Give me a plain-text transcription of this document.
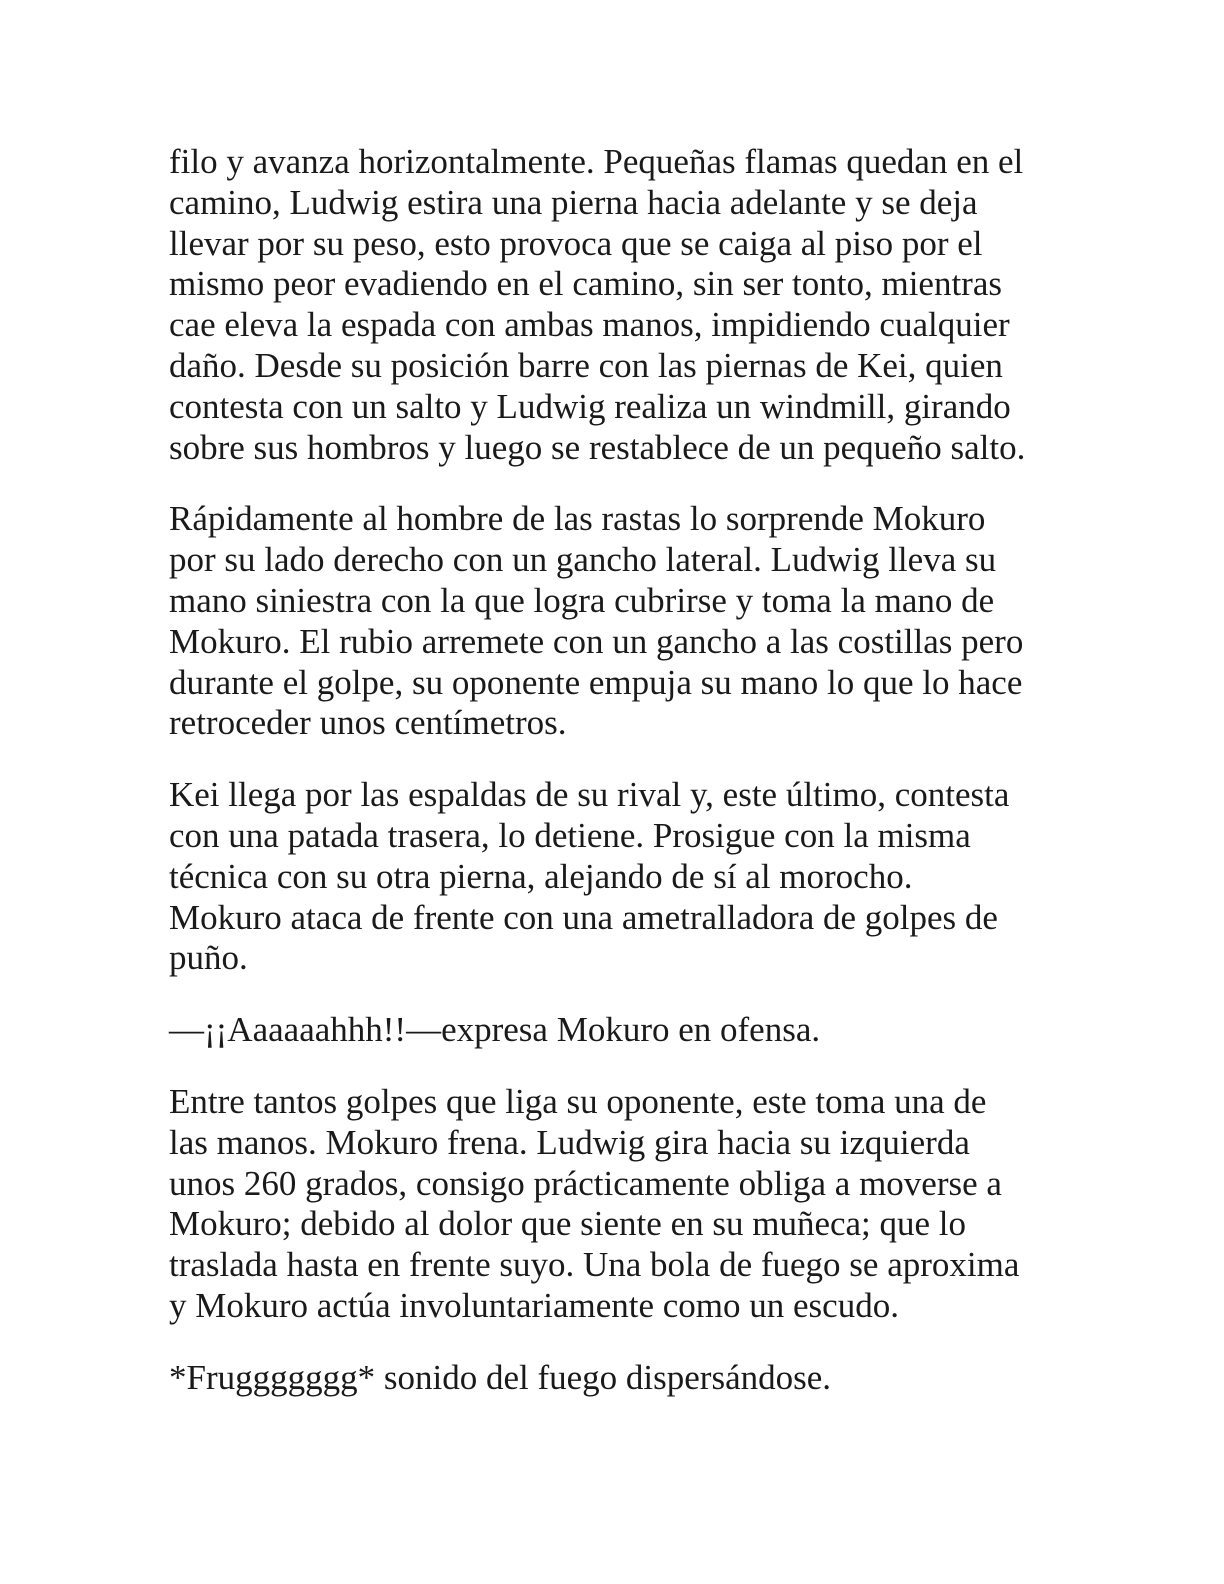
filo y avanza horizontalmente. Pequeñas flamas quedan en el
camino, Ludwig estira una pierna hacia adelante y se deja
llevar por su peso, esto provoca que se caiga al piso por el
mismo peor evadiendo en el camino, sin ser tonto, mientras
cae eleva la espada con ambas manos, impidiendo cualquier
daño. Desde su posición barre con las piernas de Kei, quien
contesta con un salto y Ludwig realiza un windmill, girando
sobre sus hombros y luego se restablece de un pequeño salto.

Rápidamente al hombre de las rastas lo sorprende Mokuro
por su lado derecho con un gancho lateral. Ludwig lleva su
mano siniestra con la que logra cubrirse y toma la mano de
Mokuro. El rubio arremete con un gancho a las costillas pero
durante el golpe, su oponente empuja su mano lo que lo hace
retroceder unos centímetros.

Kei llega por las espaldas de su rival y, este último, contesta
con una patada trasera, lo detiene. Prosigue con la misma
técnica con su otra pierna, alejando de sí al morocho.
Mokuro ataca de frente con una ametralladora de golpes de
puño.

—¡¡Aaaaaahhh!!—expresa Mokuro en ofensa.

Entre tantos golpes que liga su oponente, este toma una de
las manos. Mokuro frena. Ludwig gira hacia su izquierda
unos 260 grados, consigo prácticamente obliga a moverse a
Mokuro; debido al dolor que siente en su muñeca; que lo
traslada hasta en frente suyo. Una bola de fuego se aproxima
y Mokuro actúa involuntariamente como un escudo.

*Fruggggggg* sonido del fuego dispersándose.
